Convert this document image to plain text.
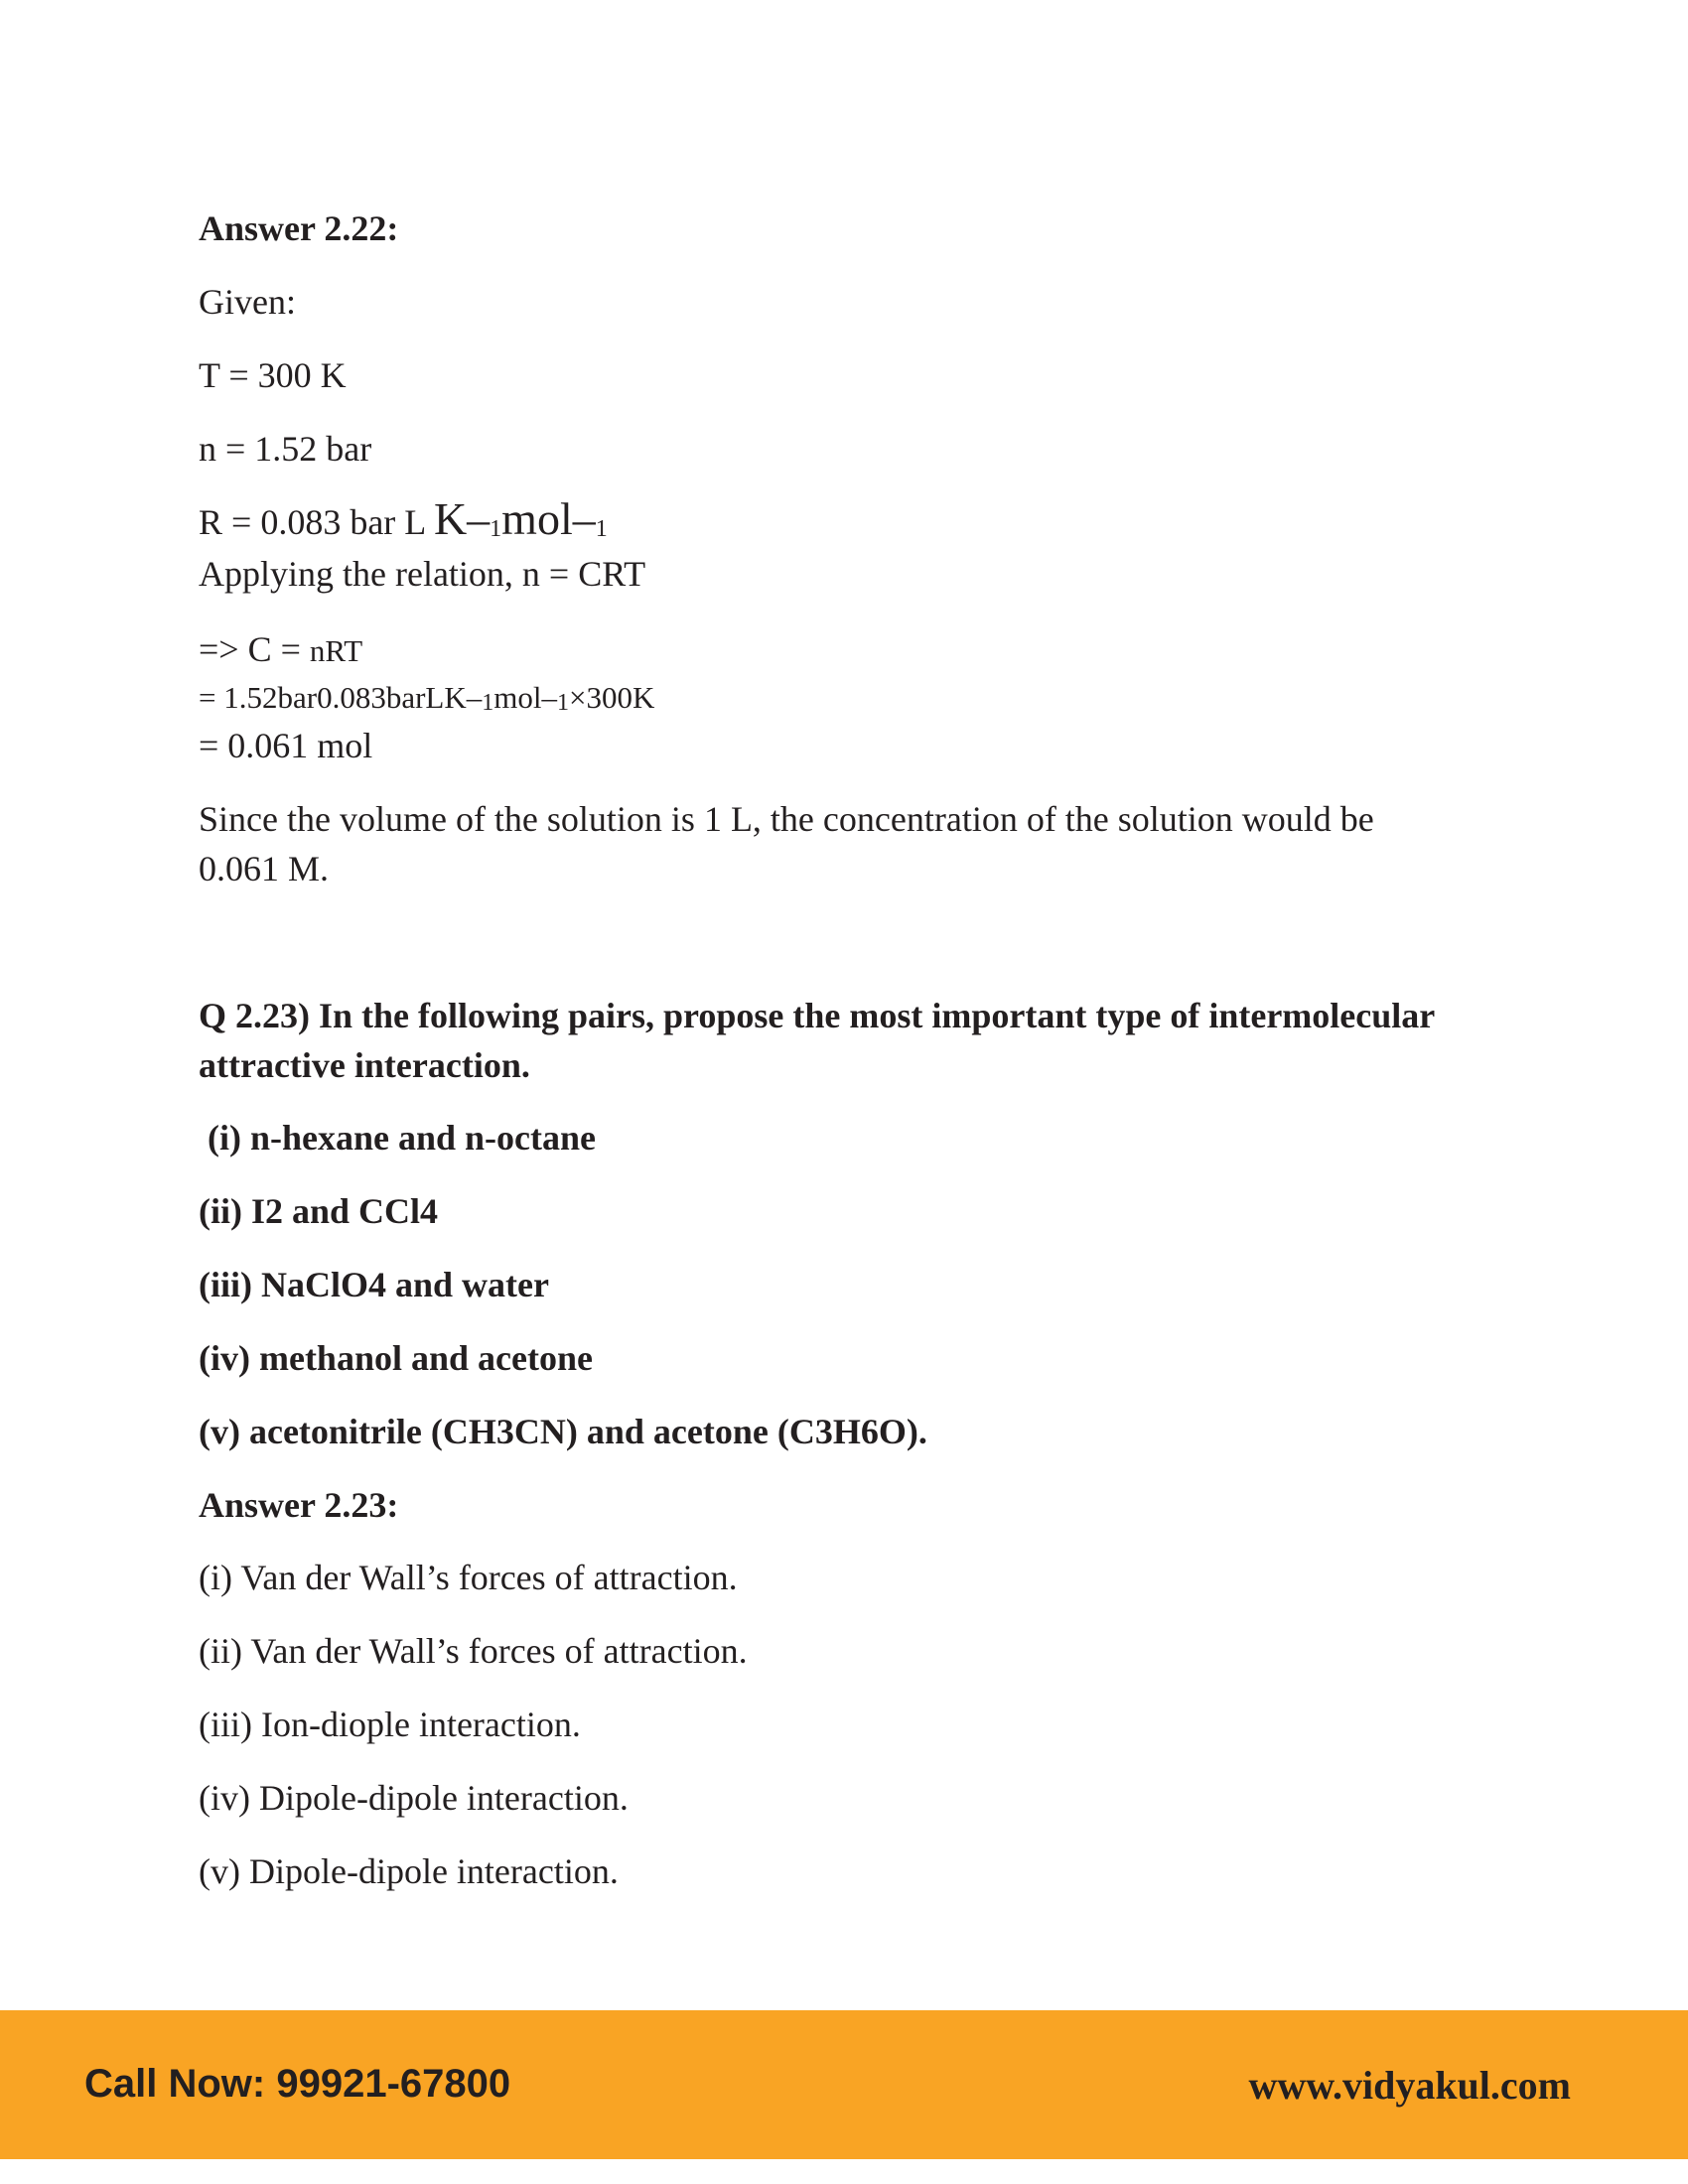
Answer 2.22:

Given:

T = 300 K

n = 1.52 bar

R = 0.083 bar L K–1mol–1

Applying the relation, n = CRT

=> C = nRT

= 1.52bar0.083barLK–1mol–1×300K

= 0.061 mol

Since the volume of the solution is 1 L, the concentration of the solution would be

0.061 M.

Q 2.23) In the following pairs, propose the most important type of intermolecular

attractive interaction.

(i) n-hexane and n-octane

(ii) I2 and CCl4

(iii) NaClO4 and water

(iv) methanol and acetone

(v) acetonitrile (CH3CN) and acetone (C3H6O).

Answer 2.23:

(i) Van der Wall’s forces of attraction.

(ii) Van der Wall’s forces of attraction.

(iii) Ion-diople interaction.

(iv) Dipole-dipole interaction.

(v) Dipole-dipole interaction.

Call Now: 99921-67800	www.vidyakul.com
